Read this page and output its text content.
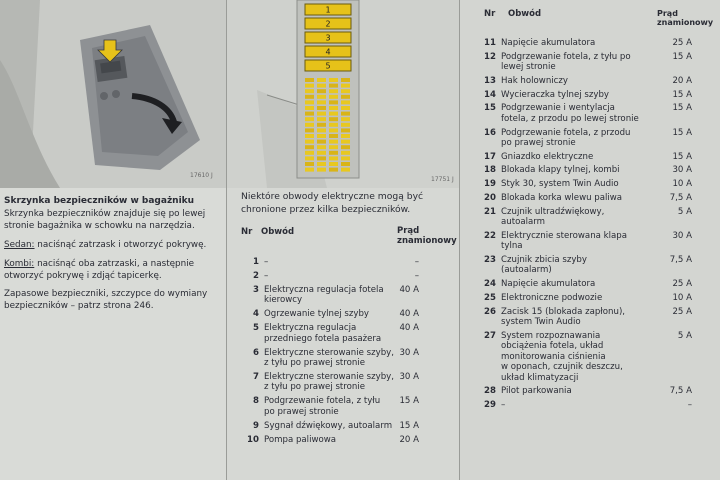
17610 J
Skrzynka bezpieczników w bagażniku
Skrzynka bezpieczników znajduje się po lewej
stronie bagażnika w schowku na narzędzia.
Sedan: naciśnąć zatrzask i otworzyć pokrywę.
Kombi: naciśnąć oba zatrzaski, a następnie
otworzyć pokrywę i zdjąć tapicerkę.
Zapasowe bezpieczniki, szczypce do wymiany
bezpieczników – patrz strona 246.
1
2
3
4
5
17751 J
Niektóre obwody elektryczne mogą być
chronione przez kilka bezpieczników.
Nr Obwód	Prąd
znamionowy
1 –	–
2 –	–
3 Elektryczna regulacja fotela
kierowcy
40 A
4 Ogrzewanie tylnej szyby	40 A
5 Elektryczna regulacja
przedniego fotela pasażera
40 A
6 Elektryczne sterowanie szyby,
z tyłu po prawej stronie
30 A
7 Elektryczne sterowanie szyby,
z tyłu po prawej stronie
30 A
8 Podgrzewanie fotela, z tyłu
po prawej stronie
15 A
9 Sygnał dźwiękowy, autoalarm 15 A
10 Pompa paliwowa	20 A
Nr Obwód	Prąd
znamionowy
11 Napięcie akumulatora	25 A
12 Podgrzewanie fotela, z tyłu po
lewej stronie
15 A
13 Hak holowniczy	20 A
14 Wycieraczka tylnej szyby	15 A
15 Podgrzewanie i wentylacja
fotela, z przodu po lewej stronie
15 A
16 Podgrzewanie fotela, z przodu
po prawej stronie
15 A
17 Gniazdko elektryczne	15 A
18 Blokada klapy tylnej, kombi	30 A
19 Styk 30, system Twin Audio	10 A
20 Blokada korka wlewu paliwa	7,5 A
21 Czujnik ultradźwiękowy,
autoalarm
5 A
22 Elektrycznie sterowana klapa
tylna
30 A
23 Czujnik zbicia szyby
(autoalarm)
7,5 A
24 Napięcie akumulatora	25 A
25 Elektroniczne podwozie	10 A
26 Zacisk 15 (blokada zapłonu),
system Twin Audio
25 A
27 System rozpoznawania
obciążenia fotela, układ
monitorowania ciśnienia
w oponach, czujnik deszczu,
układ klimatyzacji
5 A
28 Pilot parkowania	7,5 A
29 –	–
